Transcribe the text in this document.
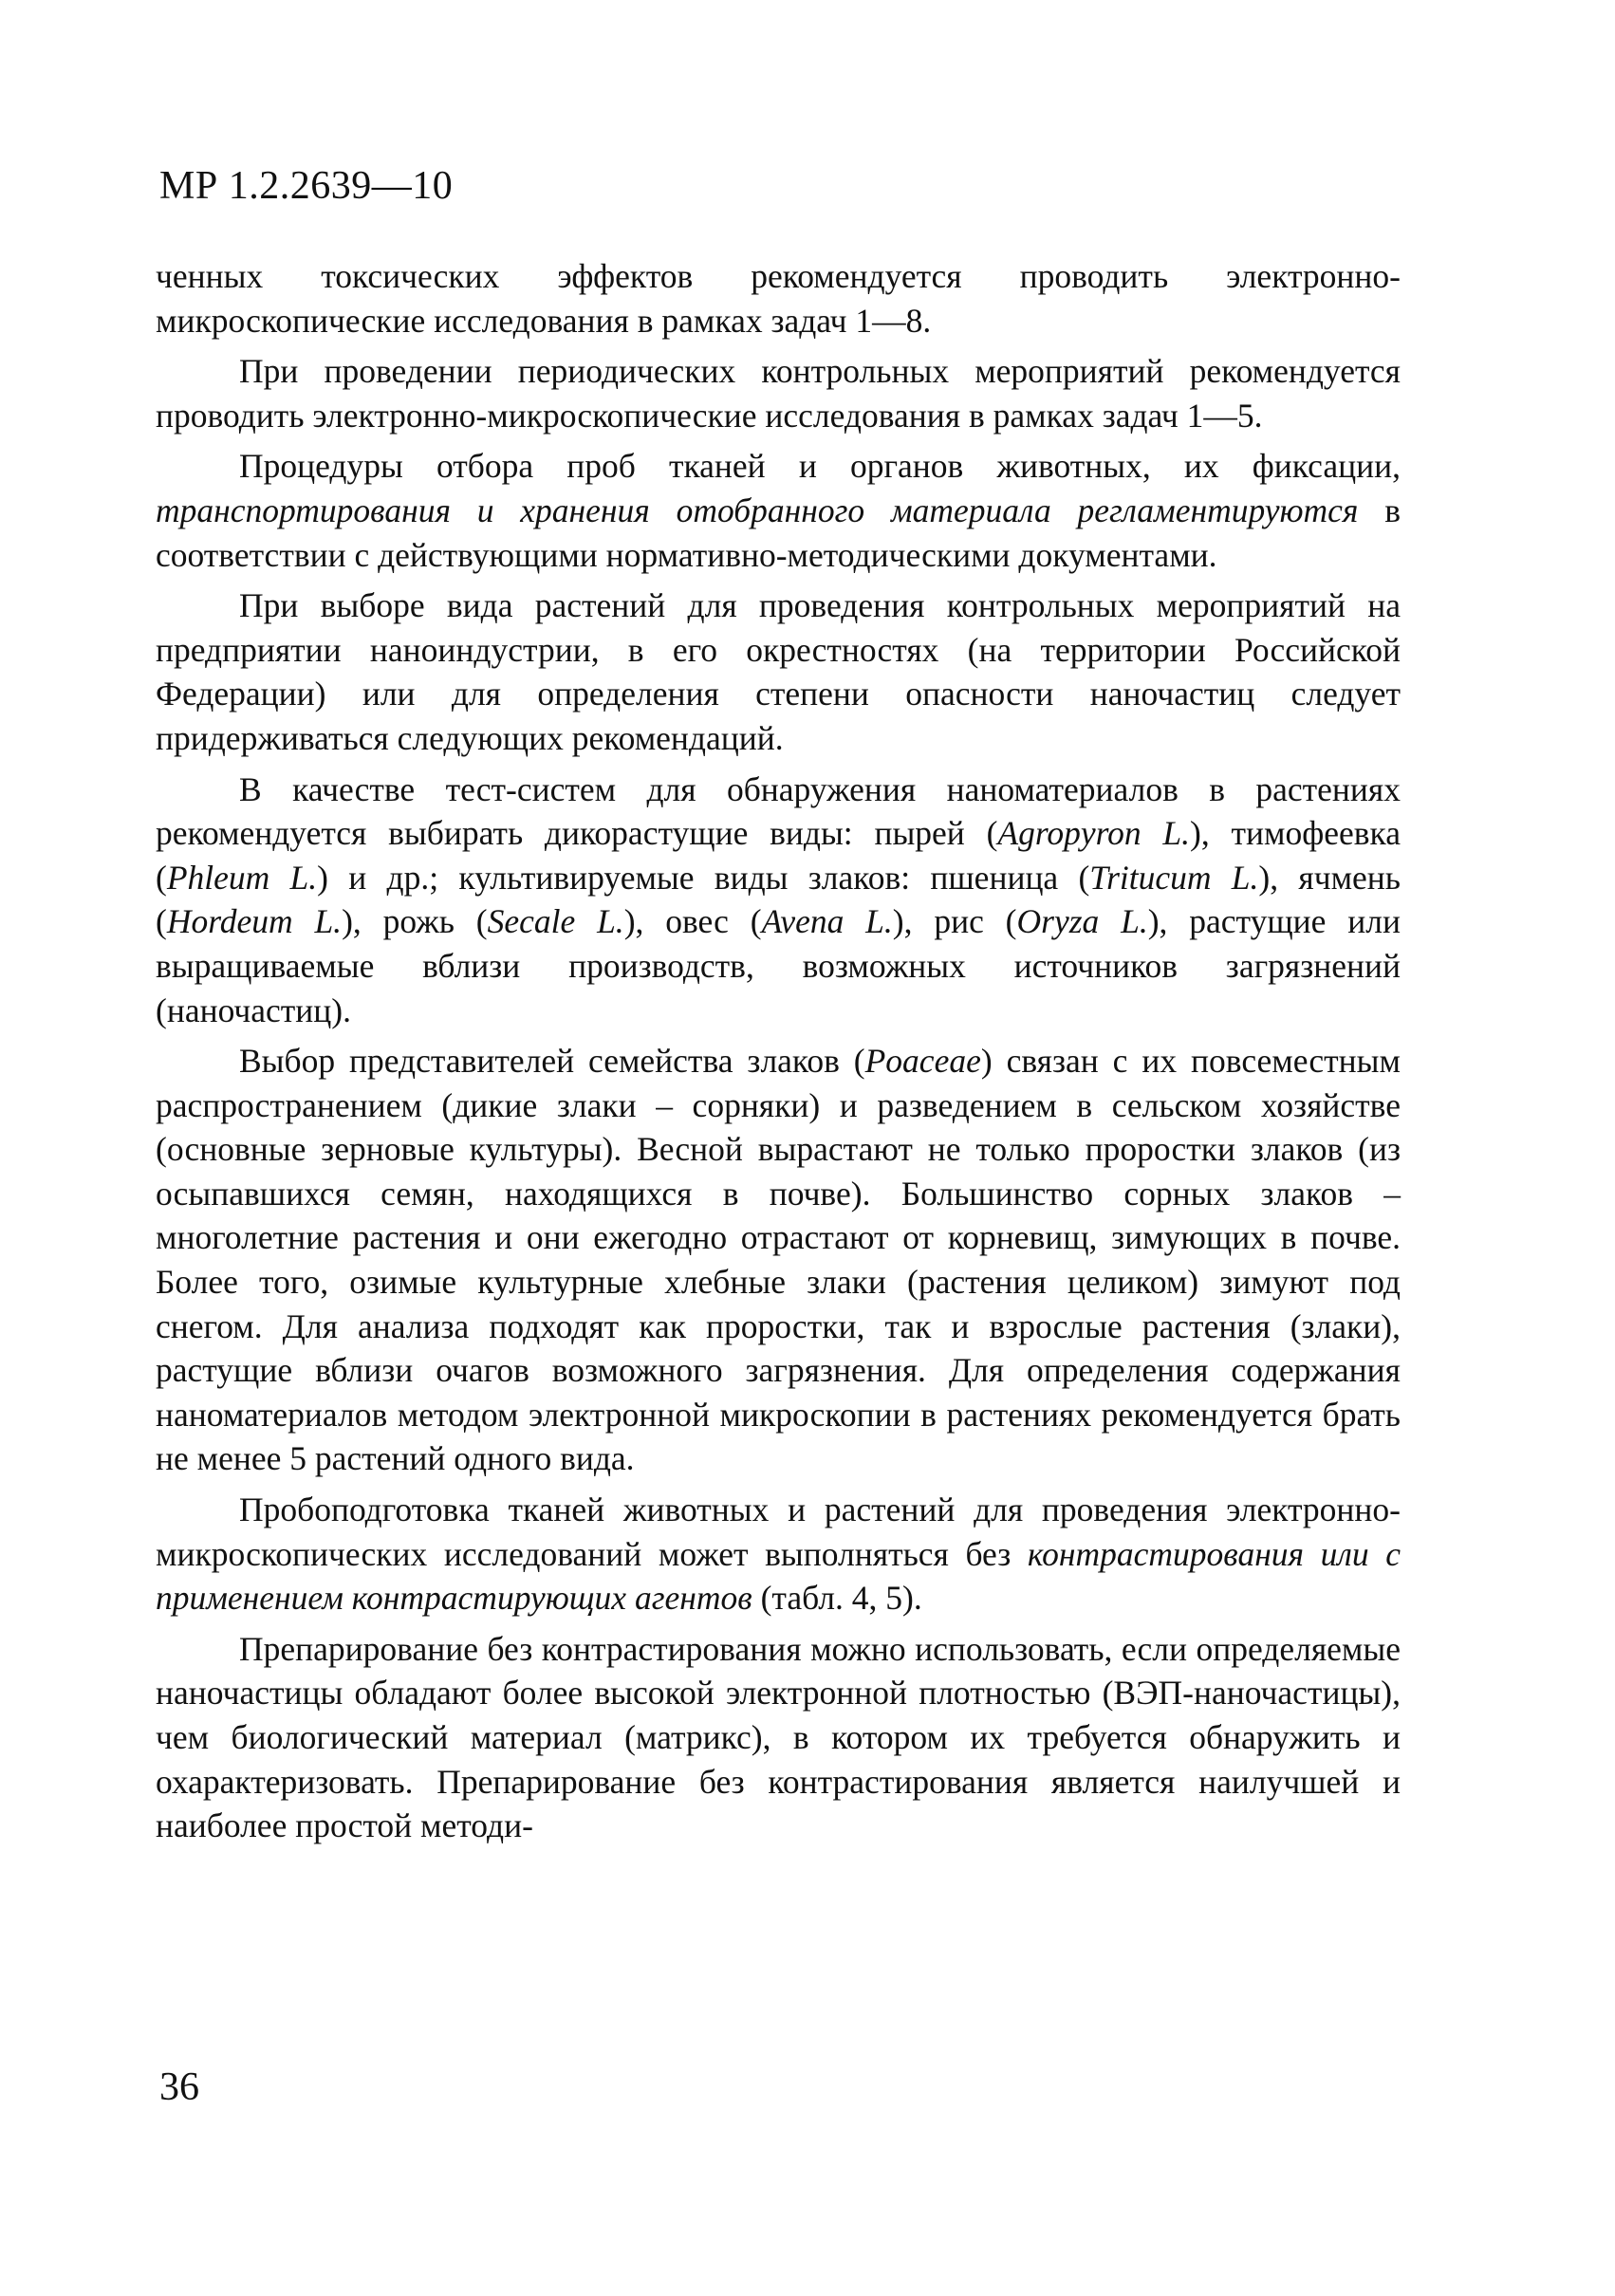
МР 1.2.2639—10

ченных токсических эффектов рекомендуется проводить электронно-микроскопические исследования в рамках задач 1—8.

При проведении периодических контрольных мероприятий рекомендуется проводить электронно-микроскопические исследования в рамках задач 1—5.

Процедуры отбора проб тканей и органов животных, их фиксации, транспортирования и хранения отобранного материала регламентируются в соответствии с действующими нормативно-методическими документами.

При выборе вида растений для проведения контрольных мероприятий на предприятии наноиндустрии, в его окрестностях (на территории Российской Федерации) или для определения степени опасности наночастиц следует придерживаться следующих рекомендаций.

В качестве тест-систем для обнаружения наноматериалов в растениях рекомендуется выбирать дикорастущие виды: пырей (Agropyron L.), тимофеевка (Phleum L.) и др.; культивируемые виды злаков: пшеница (Tritucum L.), ячмень (Hordeum L.), рожь (Secale L.), овес (Avena L.), рис (Oryza L.), растущие или выращиваемые вблизи производств, возможных источников загрязнений (наночастиц).

Выбор представителей семейства злаков (Poaceae) связан с их повсеместным распространением (дикие злаки – сорняки) и разведением в сельском хозяйстве (основные зерновые культуры). Весной вырастают не только проростки злаков (из осыпавшихся семян, находящихся в почве). Большинство сорных злаков – многолетние растения и они ежегодно отрастают от корневищ, зимующих в почве. Более того, озимые культурные хлебные злаки (растения целиком) зимуют под снегом. Для анализа подходят как проростки, так и взрослые растения (злаки), растущие вблизи очагов возможного загрязнения. Для определения содержания наноматериалов методом электронной микроскопии в растениях рекомендуется брать не менее 5 растений одного вида.

Пробоподготовка тканей животных и растений для проведения электронно-микроскопических исследований может выполняться без контрастирования или с применением контрастирующих агентов (табл. 4, 5).

Препарирование без контрастирования можно использовать, если определяемые наночастицы обладают более высокой электронной плотностью (ВЭП-наночастицы), чем биологический материал (матрикс), в котором их требуется обнаружить и охарактеризовать. Препарирование без контрастирования является наилучшей и наиболее простой методи-

36
